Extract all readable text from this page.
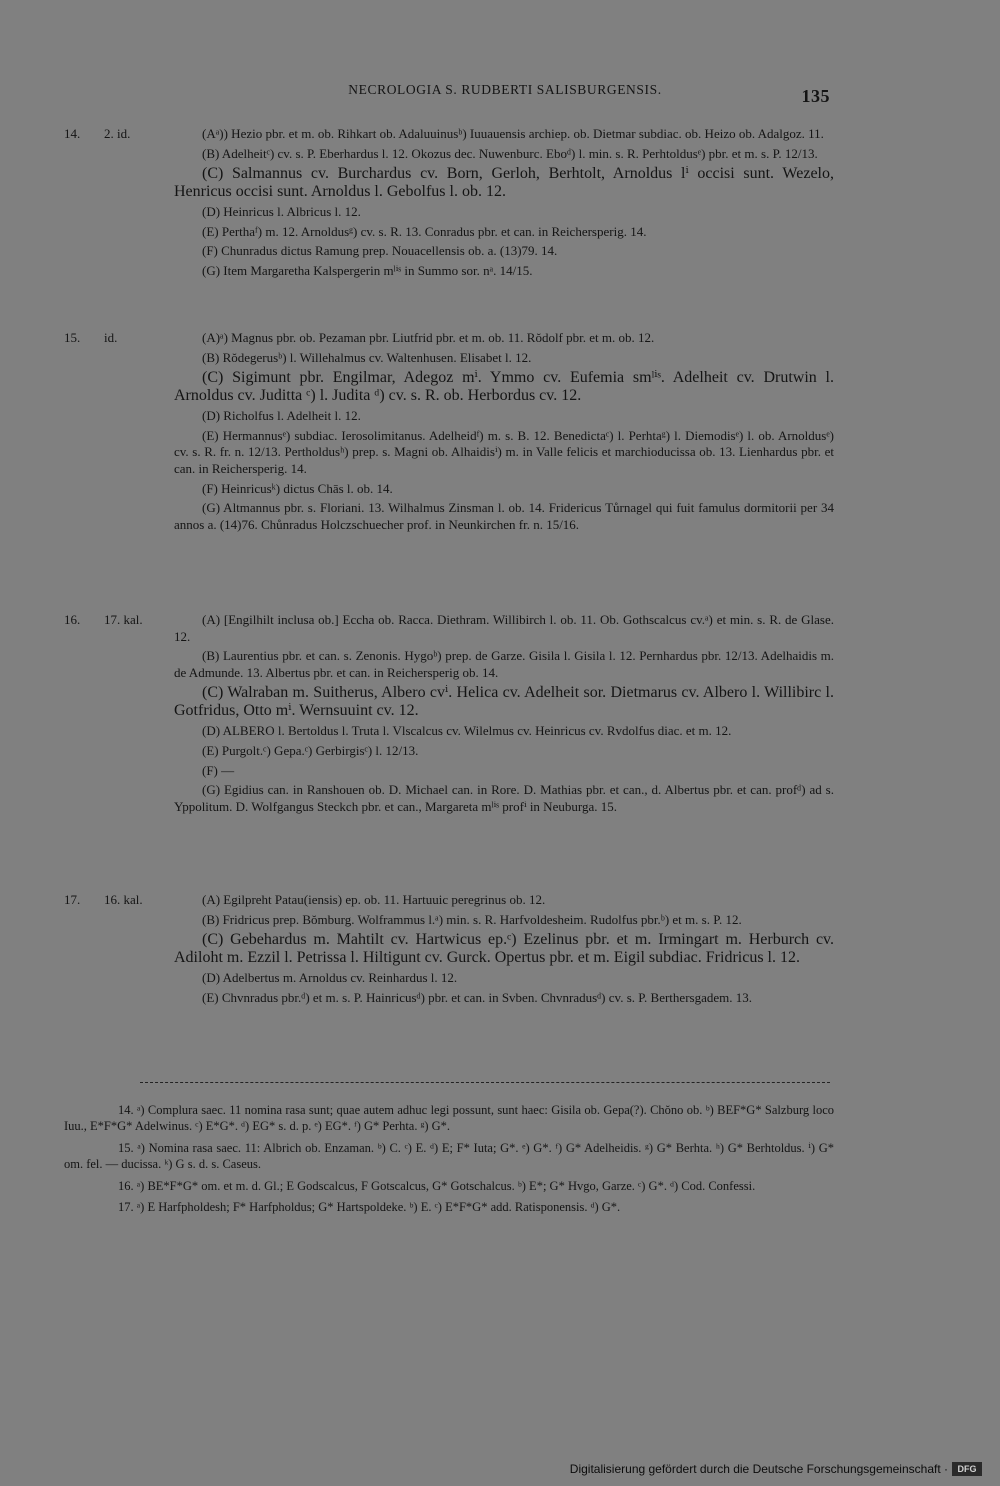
NECROLOGIA S. RUDBERTI SALISBURGENSIS.	135
14.	2. id.	(Aᵃ)) Hezio pbr. et m. ob. Rihkart ob. Adaluuinusᵇ) Iuuauensis archiep. ob. Dietmar subdiac. ob. Heizo ob. Adalgoz. 11.

(B) Adelheitᶜ) cv. s. P. Eberhardus l. 12. Okozus dec. Nuwenburc. Eboᵈ) l. min. s. R. Perhtoldusᵉ) pbr. et m. s. P. 12/13.

(C) Salmannus cv. Burchardus cv. Born, Gerloh, Berhtolt, Arnoldus lⁱ occisi sunt. Wezelo, Henricus occisi sunt. Arnoldus l. Gebolfus l. ob. 12.

(D) Heinricus l. Albricus l. 12.

(E) Perthaᶠ) m. 12. Arnoldusᵍ) cv. s. R. 13. Conradus pbr. et can. in Reichersperig. 14.

(F) Chunradus dictus Ramung prep. Nouacellensis ob. a. (13)79. 14.

(G) Item Margaretha Kalspergerin mˡⁱˢ in Summo sor. nᵃ. 14/15.

15.	id.	(A)ᵃ) Magnus pbr. ob. Pezaman pbr. Liutfrid pbr. et m. ob. 11. Rŏdolf pbr. et m. ob. 12.

(B) Rŏdegerusᵇ) l. Willehalmus cv. Waltenhusen. Elisabet l. 12.

(C) Sigimunt pbr. Engilmar, Adegoz mⁱ. Ymmo cv. Eufemia smˡⁱˢ. Adelheit cv. Drutwin l. Arnoldus cv. Juditta ᶜ) l. Judita ᵈ) cv. s. R. ob. Herbordus cv. 12.

(D) Richolfus l. Adelheit l. 12.

(E) Hermannusᵉ) subdiac. Ierosolimitanus. Adelheidᶠ) m. s. B. 12. Benedictaᶜ) l. Perhtaᵍ) l. Diemodisᵉ) l. ob. Arnoldusᵉ) cv. s. R. fr. n. 12/13. Pertholdusʰ) prep. s. Magni ob. Alhaidisⁱ) m. in Valle felicis et marchioducissa ob. 13. Lienhardus pbr. et can. in Reichersperig. 14.

(F) Heinricusᵏ) dictus Chās l. ob. 14.

(G) Altmannus pbr. s. Floriani. 13. Wilhalmus Zinsman l. ob. 14. Fridericus Tůrnagel qui fuit famulus dormitorii per 34 annos a. (14)76. Chůnradus Holczschuecher prof. in Neunkirchen fr. n. 15/16.

16.	17. kal.	(A) [Engilhilt inclusa ob.] Eccha ob. Racca. Diethram. Willibirch l. ob. 11. Ob. Gothscalcus cv.ᵃ) et min. s. R. de Glase. 12.

(B) Laurentius pbr. et can. s. Zenonis. Hygoᵇ) prep. de Garze. Gisila l. Gisila l. 12. Pernhardus pbr. 12/13. Adelhaidis m. de Admunde. 13. Albertus pbr. et can. in Reichersperig ob. 14.

(C) Walraban m. Suitherus, Albero cvⁱ. Helica cv. Adelheit sor. Dietmarus cv. Albero l. Willibirc l. Gotfridus, Otto mⁱ. Wernsuuint cv. 12.

(D) ALBERO l. Bertoldus l. Truta l. Vlscalcus cv. Wilelmus cv. Heinricus cv. Rvdolfus diac. et m. 12.

(E) Purgolt.ᶜ) Gepa.ᶜ) Gerbirgisᶜ) l. 12/13.

(F) —

(G) Egidius can. in Ranshouen ob. D. Michael can. in Rore. D. Mathias pbr. et can., d. Albertus pbr. et can. profᵈ) ad s. Yppolitum. D. Wolfgangus Steckch pbr. et can., Margareta mˡⁱˢ profⁱ in Neuburga. 15.

17.	16. kal.	(A) Egilpreht Patau(iensis) ep. ob. 11. Hartuuic peregrinus ob. 12.

(B) Fridricus prep. Bŏmburg. Wolframmus l.ᵃ) min. s. R. Harfvoldesheim. Rudolfus pbr.ᵇ) et m. s. P. 12.

(C) Gebehardus m. Mahtilt cv. Hartwicus ep.ᶜ) Ezelinus pbr. et m. Irmingart m. Herburch cv. Adiloht m. Ezzil l. Petrissa l. Hiltigunt cv. Gurck. Opertus pbr. et m. Eigil subdiac. Fridricus l. 12.

(D) Adelbertus m. Arnoldus cv. Reinhardus l. 12.

(E) Chvnradus pbr.ᵈ) et m. s. P. Hainricusᵈ) pbr. et can. in Svben. Chvnradusᵈ) cv. s. P. Berthersgadem. 13.

14. ᵃ) Complura saec. 11 nomina rasa sunt; quae autem adhuc legi possunt, sunt haec: Gisila ob. Gepa(?). Chŏno ob. ᵇ) BEF*G* Salzburg loco Iuu., E*F*G* Adelwinus. ᶜ) E*G*. ᵈ) EG* s. d. p. ᵉ) EG*. ᶠ) G* Perhta. ᵍ) G*.

15. ᵃ) Nomina rasa saec. 11: Albrich ob. Enzaman. ᵇ) C. ᶜ) E. ᵈ) E; F* Iuta; G*. ᵉ) G*. ᶠ) G* Adelheidis. ᵍ) G* Berhta. ʰ) G* Berhtoldus. ⁱ) G* om. fel. — ducissa. ᵏ) G s. d. s. Caseus.

16. ᵃ) BE*F*G* om. et m. d. Gl.; E Godscalcus, F Gotscalcus, G* Gotschalcus. ᵇ) E*; G* Hvgo, Garze. ᶜ) G*. ᵈ) Cod. Confessi.

17. ᵃ) E Harfpholdesh; F* Harfpholdus; G* Hartspoldeke. ᵇ) E. ᶜ) E*F*G* add. Ratisponensis. ᵈ) G*.

Digitalisierung gefördert durch die Deutsche Forschungsgemeinschaft ·	DFG
